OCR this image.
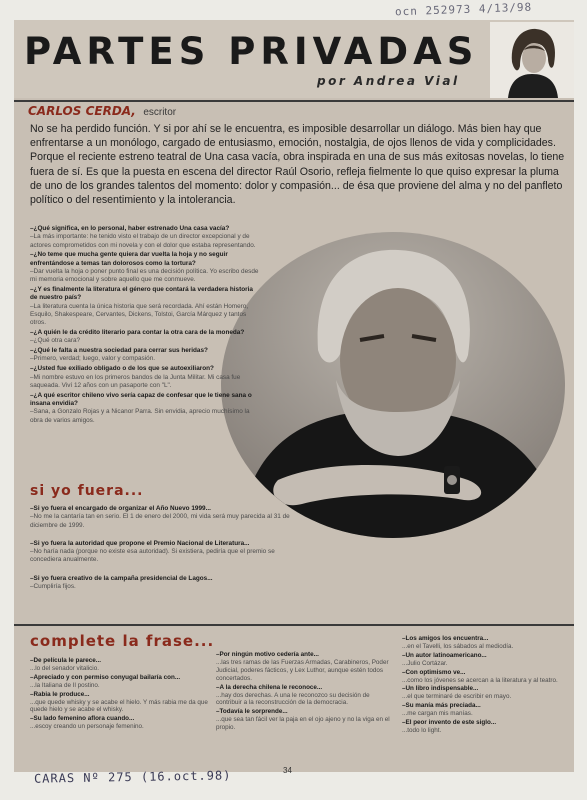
ocn 252973 4/13/98
PARTES PRIVADAS
por Andrea Vial
CARLOS CERDA, escritor
No se ha perdido función. Y si por ahí se le encuentra, es imposible desarrollar un diálogo. Más bien hay que enfrentarse a un monólogo, cargado de entusiasmo, emoción, nostalgia, de ojos llenos de vida y complicidades. Porque el reciente estreno teatral de Una casa vacía, obra inspirada en una de sus más exitosas novelas, lo tiene fuera de sí. Es que la puesta en escena del director Raúl Osorio, refleja fielmente lo que quiso expresar la pluma de uno de los grandes talentos del momento: dolor y compasión... de ésa que proviene del alma y no del panfleto político o del resentimiento y la intolerancia.
–¿Qué significa, en lo personal, haber estrenado Una casa vacía?
–La más importante: he tenido visto el trabajo de un director excepcional y de actores comprometidos con mi novela y con el dolor que estaba representando.
–¿No teme que mucha gente quiera dar vuelta la hoja y no seguir enfrentándose a temas tan dolorosos como la tortura?
–Dar vuelta la hoja o poner punto final es una decisión política. Yo escribo desde mi memoria emocional y sobre aquello que me conmueve.
–¿Y es finalmente la literatura el género que contará la verdadera historia de nuestro país?
–La literatura cuenta la única historia que será recordada. Ahí están Homero, Esquilo, Shakespeare, Cervantes, Dickens, Tolstoi, García Márquez y tantos otros.
–¿A quién le da crédito literario para contar la otra cara de la moneda?
–¿Qué otra cara?
–¿Qué le falta a nuestra sociedad para cerrar sus heridas?
–Primero, verdad; luego, valor y compasión.
–¿Usted fue exiliado obligado o de los que se autoexiliaron?
–Mi nombre estuvo en los primeros bandos de la Junta Militar. Mi casa fue saqueada. Viví 12 años con un pasaporte con "L".
–¿A qué escritor chileno vivo sería capaz de confesar que le tiene sana o insana envidia?
–Sana, a Gonzalo Rojas y a Nicanor Parra. Sin envidia, aprecio muchísimo la obra de varios amigos.
si yo fuera...
–Si yo fuera el encargado de organizar el Año Nuevo 1999...
–No me la cantaría tan en serio. El 1 de enero del 2000, mi vida será muy parecida al 31 de diciembre de 1999.
–Si yo fuera la autoridad que propone el Premio Nacional de Literatura...
–No haría nada (porque no existe esa autoridad). Si existiera, pediría que el premio se concediera anualmente.
–Si yo fuera creativo de la campaña presidencial de Lagos...
–Cumpliría fijos.
complete la frase...
–De película le parece...
...lo del senador vitalicio.
–Apreciado y con permiso conyugal bailaría con...
...la Italiana de Il postino.
–Rabia le produce...
...que quede whisky y se acabe el hielo. Y más rabia me da que quede hielo y se acabe el whisky.
–Su lado femenino aflora cuando...
...escoy creando un personaje femenino.
–Por ningún motivo cedería ante...
...las tres ramas de las Fuerzas Armadas, Carabineros, Poder Judicial, poderes fácticos, y Lex Luthor, aunque estén todos concertados.
–A la derecha chilena le reconoce...
...hay dos derechas. A una le reconozco su decisión de contribuir a la reconstrucción de la democracia.
–Todavía le sorprende...
...que sea tan fácil ver la paja en el ojo ajeno y no la viga en el propio.
–Los amigos los encuentra...
...en el Tavelli, los sábados al mediodía.
–Un autor latinoamericano...
...Julio Cortázar.
–Con optimismo ve...
...como los jóvenes se acercan a la literatura y al teatro.
–Un libro indispensable...
...el que terminaré de escribir en mayo.
–Su manía más preciada...
...me cargan mis manías.
–El peor invento de este siglo...
...todo lo light.
34
CARAS Nº 275 (16.oct.98)
